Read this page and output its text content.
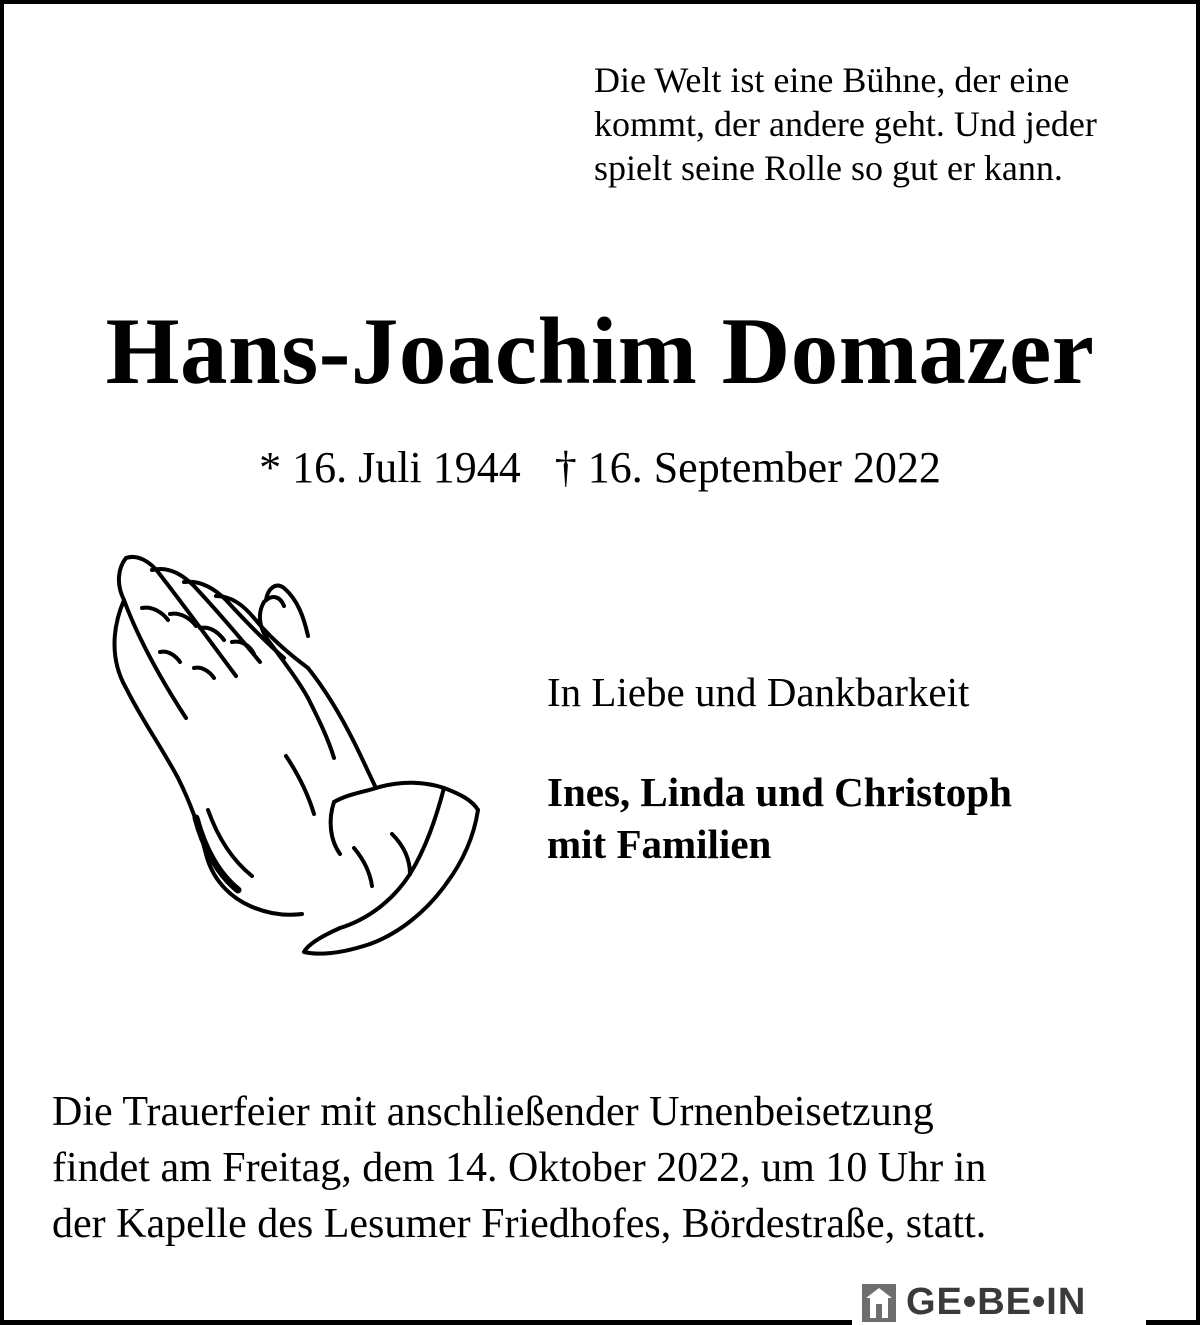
Die Welt ist eine Bühne, der eine
kommt, der andere geht. Und jeder
spielt seine Rolle so gut er kann.
Hans-Joachim Domazer
* 16. Juli 1944 † 16. September 2022
In Liebe und Dankbarkeit
Ines, Linda und Christoph
mit Familien
Die Trauerfeier mit anschließender Urnenbeisetzung
findet am Freitag, dem 14. Oktober 2022, um 10 Uhr in
der Kapelle des Lesumer Friedhofes, Bördestraße, statt.
GE•BE•IN
